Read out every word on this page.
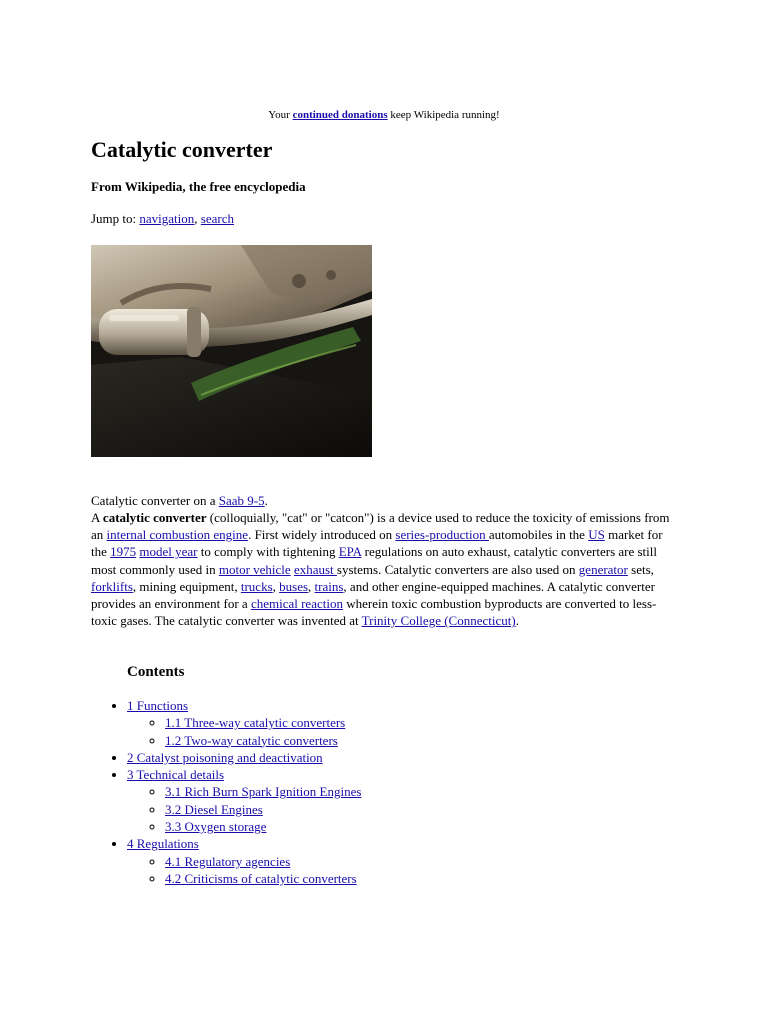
Your continued donations keep Wikipedia running!
Catalytic converter
From Wikipedia, the free encyclopedia
Jump to: navigation, search
Catalytic converter on a Saab 9-5.

A catalytic converter (colloquially, "cat" or "catcon") is a device used to reduce the toxicity of emissions from an internal combustion engine. First widely introduced on series-production automobiles in the US market for the 1975 model year to comply with tightening EPA regulations on auto exhaust, catalytic converters are still most commonly used in motor vehicle exhaust systems. Catalytic converters are also used on generator sets, forklifts, mining equipment, trucks, buses, trains, and other engine-equipped machines. A catalytic converter provides an environment for a chemical reaction wherein toxic combustion byproducts are converted to less-toxic gases. The catalytic converter was invented at Trinity College (Connecticut).

Contents
• 1 Functions
◦ 1.1 Three-way catalytic converters
◦ 1.2 Two-way catalytic converters
• 2 Catalyst poisoning and deactivation
• 3 Technical details
◦ 3.1 Rich Burn Spark Ignition Engines
◦ 3.2 Diesel Engines
◦ 3.3 Oxygen storage
• 4 Regulations
◦ 4.1 Regulatory agencies
◦ 4.2 Criticisms of catalytic converters
